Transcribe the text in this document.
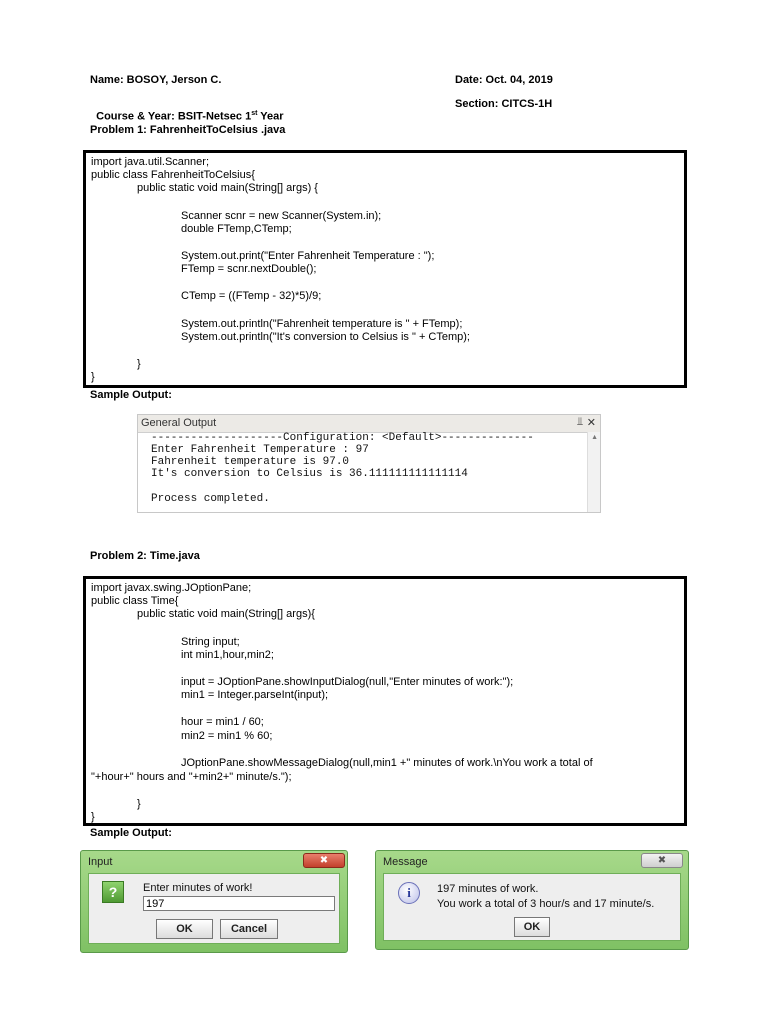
Name: BOSOY, Jerson C.	Date: Oct. 04, 2019

Course & Year: BSIT-Netsec 1st Year

Section: CITCS-1H
Problem 1: FahrenheitToCelsius .java
import java.util.Scanner;
public class FahrenheitToCelsius{
public static void main(String[] args) {
Scanner scnr = new Scanner(System.in);
double FTemp,CTemp;
System.out.print("Enter Fahrenheit Temperature : ");
FTemp = scnr.nextDouble();
CTemp = ((FTemp - 32)*5)/9;
System.out.println("Fahrenheit temperature is " + FTemp);
System.out.println("It's conversion to Celsius is " + CTemp);
}
}
Sample Output:
General Output	⫫ ✕
--------------------Configuration: <Default>--------------
Enter Fahrenheit Temperature : 97
Fahrenheit temperature is 97.0
It's conversion to Celsius is 36.111111111111114
Process completed.
▲
Problem 2: Time.java
import javax.swing.JOptionPane;
public class Time{
public static void main(String[] args){
String input;
int min1,hour,min2;
input = JOptionPane.showInputDialog(null,"Enter minutes of work:");
min1 = Integer.parseInt(input);
hour = min1 / 60;
min2 = min1 % 60;
JOptionPane.showMessageDialog(null,min1 +" minutes of work.\nYou work a total of
"+hour+" hours and "+min2+" minute/s.");
}
}
Sample Output:
Input	✖
?	Enter minutes of work!
197
OK	Cancel
Message	✖
i	197 minutes of work.
You work a total of 3 hour/s and 17 minute/s.
OK
